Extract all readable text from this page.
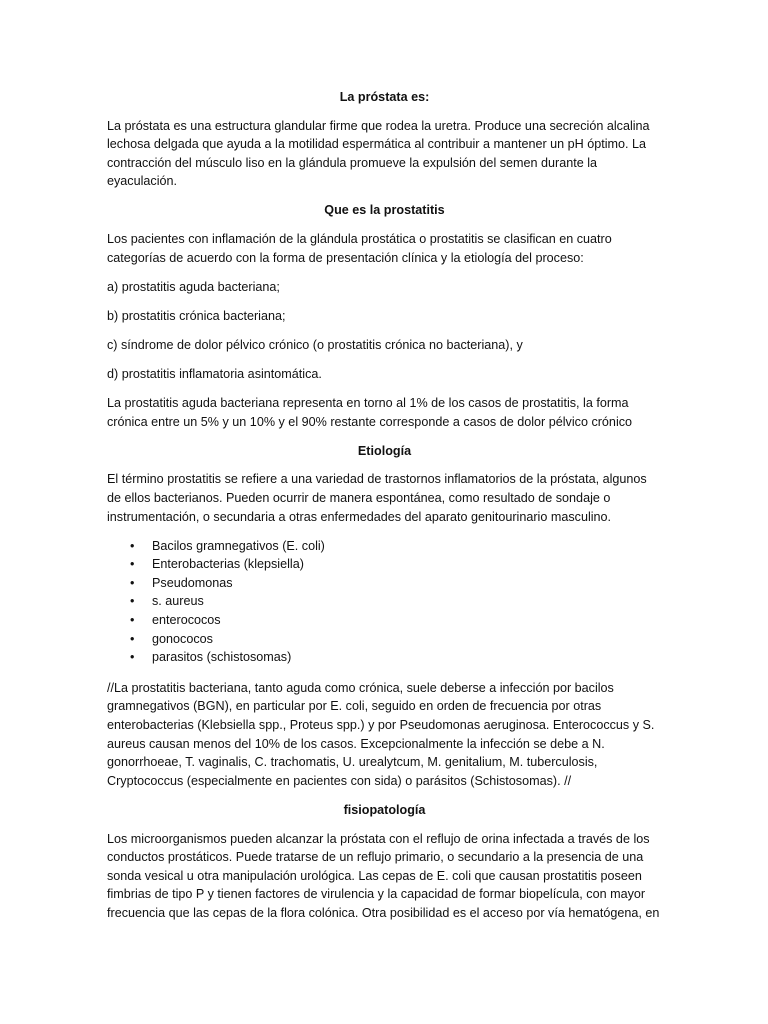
La próstata es:

La próstata es una estructura glandular firme que rodea la uretra. Produce una secreción alcalina lechosa delgada que ayuda a la motilidad espermática al contribuir a mantener un pH óptimo. La contracción del músculo liso en la glándula promueve la expulsión del semen durante la eyaculación.

Que es la prostatitis

Los pacientes con inflamación de la glándula prostática o prostatitis se clasifican en cuatro categorías de acuerdo con la forma de presentación clínica y la etiología del proceso:

a) prostatitis aguda bacteriana;

b) prostatitis crónica bacteriana;

c) síndrome de dolor pélvico crónico (o prostatitis crónica no bacteriana), y

d) prostatitis inflamatoria asintomática.

La prostatitis aguda bacteriana representa en torno al 1% de los casos de prostatitis, la forma crónica entre un 5% y un 10% y el 90% restante corresponde a casos de dolor pélvico crónico

Etiología

El término prostatitis se refiere a una variedad de trastornos inflamatorios de la próstata, algunos de ellos bacterianos. Pueden ocurrir de manera espontánea, como resultado de sondaje o instrumentación, o secundaria a otras enfermedades del aparato genitourinario masculino.

• Bacilos gramnegativos (E. coli)
• Enterobacterias (klepsiella)
• Pseudomonas
• s. aureus
• enterococos
• gonococos
• parasitos (schistosomas)

//La prostatitis bacteriana, tanto aguda como crónica, suele deberse a infección por bacilos gramnegativos (BGN), en particular por E. coli, seguido en orden de frecuencia por otras enterobacterias (Klebsiella spp., Proteus spp.) y por Pseudomonas aeruginosa. Enterococcus y S. aureus causan menos del 10% de los casos. Excepcionalmente la infección se debe a N. gonorrhoeae, T. vaginalis, C. trachomatis, U. urealytcum, M. genitalium, M. tuberculosis, Cryptococcus (especialmente en pacientes con sida) o parásitos (Schistosomas). //

fisiopatología

Los microorganismos pueden alcanzar la próstata con el reflujo de orina infectada a través de los conductos prostáticos. Puede tratarse de un reflujo primario, o secundario a la presencia de una sonda vesical u otra manipulación urológica. Las cepas de E. coli que causan prostatitis poseen fimbrias de tipo P y tienen factores de virulencia y la capacidad de formar biopelícula, con mayor frecuencia que las cepas de la flora colónica. Otra posibilidad es el acceso por vía hematógena, en
